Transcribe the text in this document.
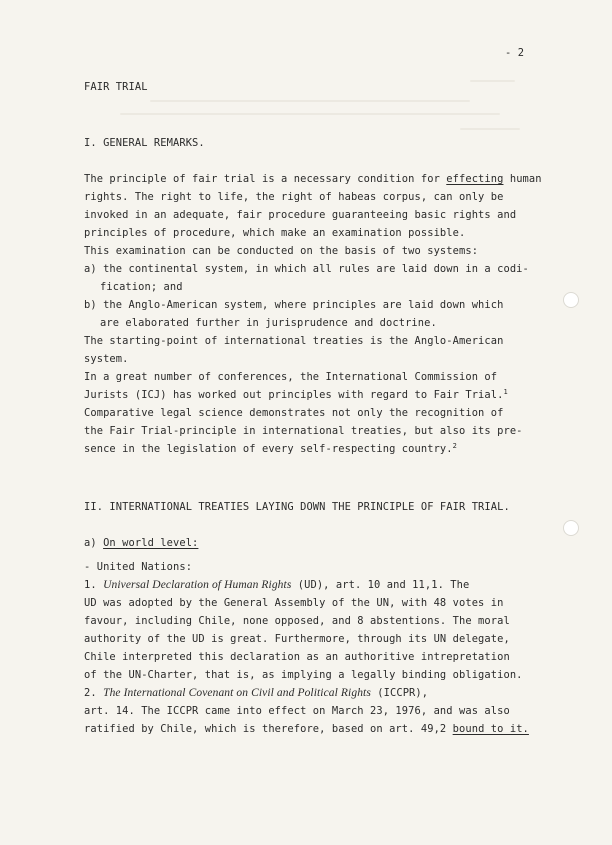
- 2
FAIR TRIAL
I. GENERAL REMARKS.
The principle of fair trial is a necessary condition for effecting human
rights. The right to life, the right of habeas corpus, can only be
invoked in an adequate, fair procedure guaranteeing basic rights and
principles of procedure, which make an examination possible.
This examination can be conducted on the basis of two systems:
a) the continental system, in which all rules are laid down in a codi-
fication; and
b) the Anglo-American system, where principles are laid down which
are elaborated further in jurisprudence and doctrine.
The starting-point of international treaties is the Anglo-American
system.
In a great number of conferences, the International Commission of
Jurists (ICJ) has worked out principles with regard to Fair Trial.$^1$
Comparative legal science demonstrates not only the recognition of
the Fair Trial-principle in international treaties, but also its pre-
sence in the legislation of every self-respecting country.$^2$
II. INTERNATIONAL TREATIES LAYING DOWN THE PRINCIPLE OF FAIR TRIAL.
a) On world level:
- United Nations:
1. Universal Declaration of Human Rights (UD), art. 10 and 11,1. The
UD was adopted by the General Assembly of the UN, with 48 votes in
favour, including Chile, none opposed, and 8 abstentions. The moral
authority of the UD is great. Furthermore, through its UN delegate,
Chile interpreted this declaration as an authoritive intrepretation
of the UN-Charter, that is, as implying a legally binding obligation.
2. The International Covenant on Civil and Political Rights (ICCPR),
art. 14. The ICCPR came into effect on March 23, 1976, and was also
ratified by Chile, which is therefore, based on art. 49,2 bound to it.
